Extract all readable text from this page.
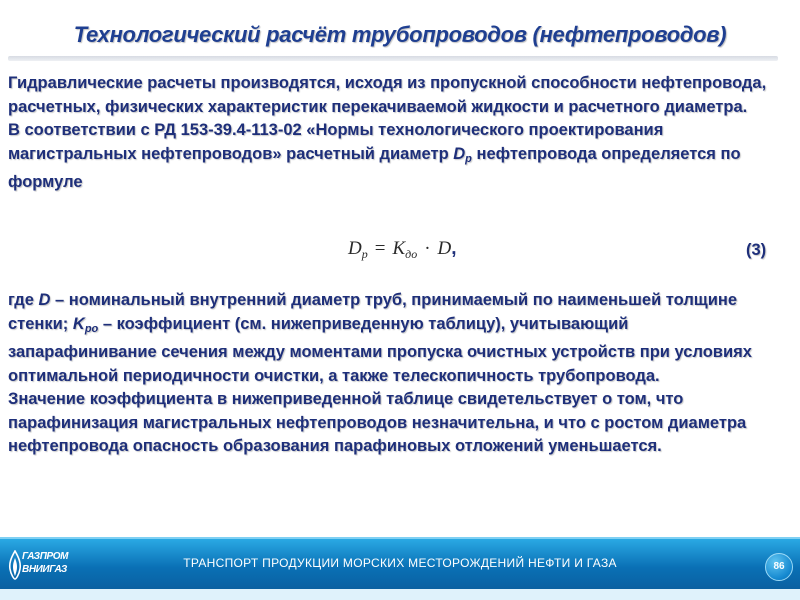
Технологический расчёт трубопроводов (нефтепроводов)

Гидравлические расчеты производятся, исходя из пропускной способности нефтепровода, расчетных, физических характеристик перекачиваемой жидкости и расчетного диаметра.

В соответствии с РД 153-39.4-113-02 «Нормы технологического проектирования магистральных нефтепроводов» расчетный диаметр $D_р$ нефтепровода определяется по формуле

$D_р = K_{до} \cdot D$,	(3)

где D – номинальный внутренний диаметр труб, принимаемый по наименьшей толщине стенки; $K_{ро}$ – коэффициент (см. нижеприведенную таблицу), учитывающий запарафинивание сечения между моментами пропуска очистных устройств при условиях оптимальной периодичности очистки, а также телескопичность трубопровода.

Значение коэффициента в нижеприведенной таблице свидетельствует о том, что парафинизация магистральных нефтепроводов незначительна, и что с ростом диаметра нефтепровода опасность образования парафиновых отложений уменьшается.

ГАЗПРОМ
ВНИИГАЗ	ТРАНСПОРТ ПРОДУКЦИИ МОРСКИХ МЕСТОРОЖДЕНИЙ НЕФТИ И ГАЗА	86
